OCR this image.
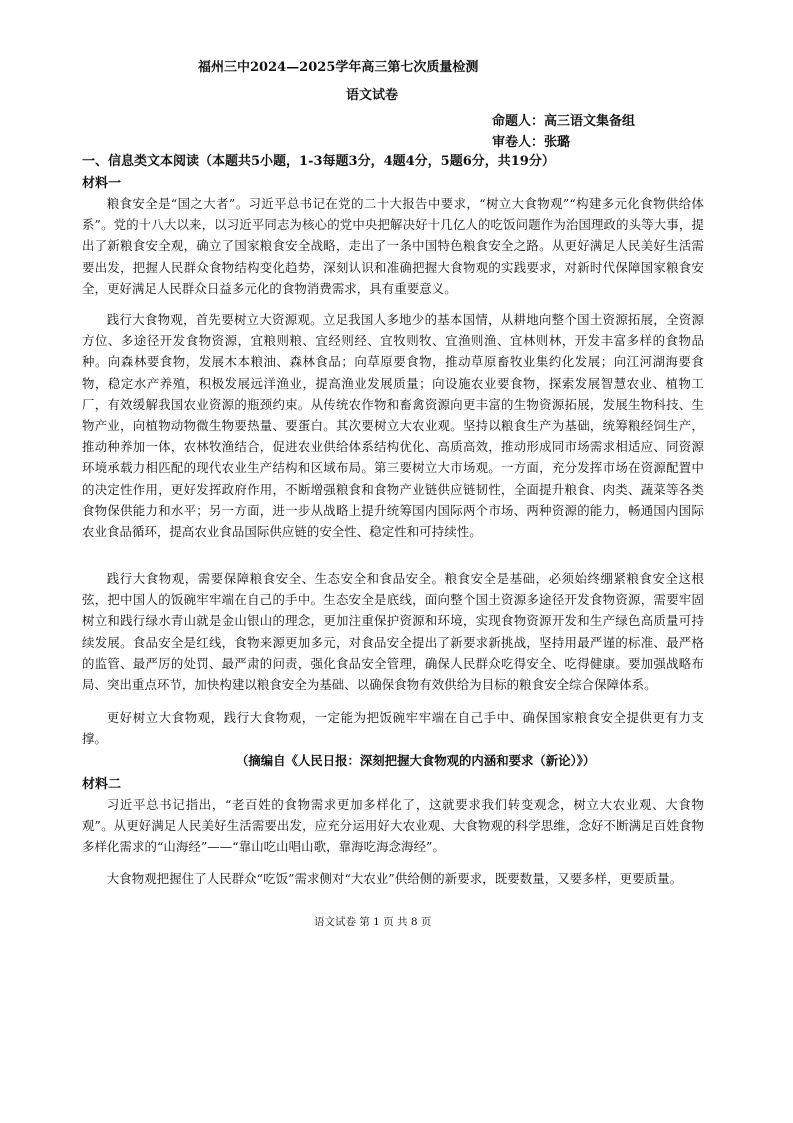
福州三中2024—2025学年高三第七次质量检测
语文试卷
命题人：高三语文集备组
审卷人：张璐
一、信息类文本阅读（本题共5小题，1-3每题3分，4题4分，5题6分，共19分）
材料一

粮食安全是“国之大者”。习近平总书记在党的二十大报告中要求，“树立大食物观”“构建多元化食物供给体系”。党的十八大以来，以习近平同志为核心的党中央把解决好十几亿人的吃饭问题作为治国理政的头等大事，提出了新粮食安全观，确立了国家粮食安全战略，走出了一条中国特色粮食安全之路。从更好满足人民美好生活需要出发，把握人民群众食物结构变化趋势，深刻认识和准确把握大食物观的实践要求，对新时代保障国家粮食安全，更好满足人民群众日益多元化的食物消费需求，具有重要意义。

践行大食物观，首先要树立大资源观。立足我国人多地少的基本国情，从耕地向整个国土资源拓展，全资源方位、多途径开发食物资源，宜粮则粮、宜经则经、宜牧则牧、宜渔则渔、宜林则林，开发丰富多样的食物品种。向森林要食物，发展木本粮油、森林食品；向草原要食物，推动草原畜牧业集约化发展；向江河湖海要食物，稳定水产养殖，积极发展远洋渔业，提高渔业发展质量；向设施农业要食物，探索发展智慧农业、植物工厂，有效缓解我国农业资源的瓶颈约束。从传统农作物和畜禽资源向更丰富的生物资源拓展，发展生物科技、生物产业，向植物动物微生物要热量、要蛋白。其次要树立大农业观。坚持以粮食生产为基础，统筹粮经饲生产，推动种养加一体，农林牧渔结合，促进农业供给体系结构优化、高质高效，推动形成同市场需求相适应、同资源环境承载力相匹配的现代农业生产结构和区域布局。第三要树立大市场观。一方面，充分发挥市场在资源配置中的决定性作用，更好发挥政府作用，不断增强粮食和食物产业链供应链韧性，全面提升粮食、肉类、蔬菜等各类食物保供能力和水平；另一方面，进一步从战略上提升统筹国内国际两个市场、两种资源的能力，畅通国内国际农业食品循环，提高农业食品国际供应链的安全性、稳定性和可持续性。

践行大食物观，需要保障粮食安全、生态安全和食品安全。粮食安全是基础，必须始终绷紧粮食安全这根弦，把中国人的饭碗牢牢端在自己的手中。生态安全是底线，面向整个国土资源多途径开发食物资源，需要牢固树立和践行绿水青山就是金山银山的理念，更加注重保护资源和环境，实现食物资源开发和生产绿色高质量可持续发展。食品安全是红线，食物来源更加多元，对食品安全提出了新要求新挑战，坚持用最严谨的标准、最严格的监管、最严厉的处罚、最严肃的问责，强化食品安全管理，确保人民群众吃得安全、吃得健康。要加强战略布局、突出重点环节，加快构建以粮食安全为基础、以确保食物有效供给为目标的粮食安全综合保障体系。

更好树立大食物观，践行大食物观，一定能为把饭碗牢牢端在自己手中、确保国家粮食安全提供更有力支撑。

（摘编自《人民日报：深刻把握大食物观的内涵和要求（新论）》）
材料二

习近平总书记指出，“老百姓的食物需求更加多样化了，这就要求我们转变观念，树立大农业观、大食物观”。从更好满足人民美好生活需要出发，应充分运用好大农业观、大食物观的科学思维，念好不断满足百姓食物多样化需求的“山海经”——“靠山吃山唱山歌，靠海吃海念海经”。

大食物观把握住了人民群众“吃饭”需求侧对“大农业”供给侧的新要求，既要数量，又要多样，更要质量。

语文试卷 第 1 页 共 8 页
